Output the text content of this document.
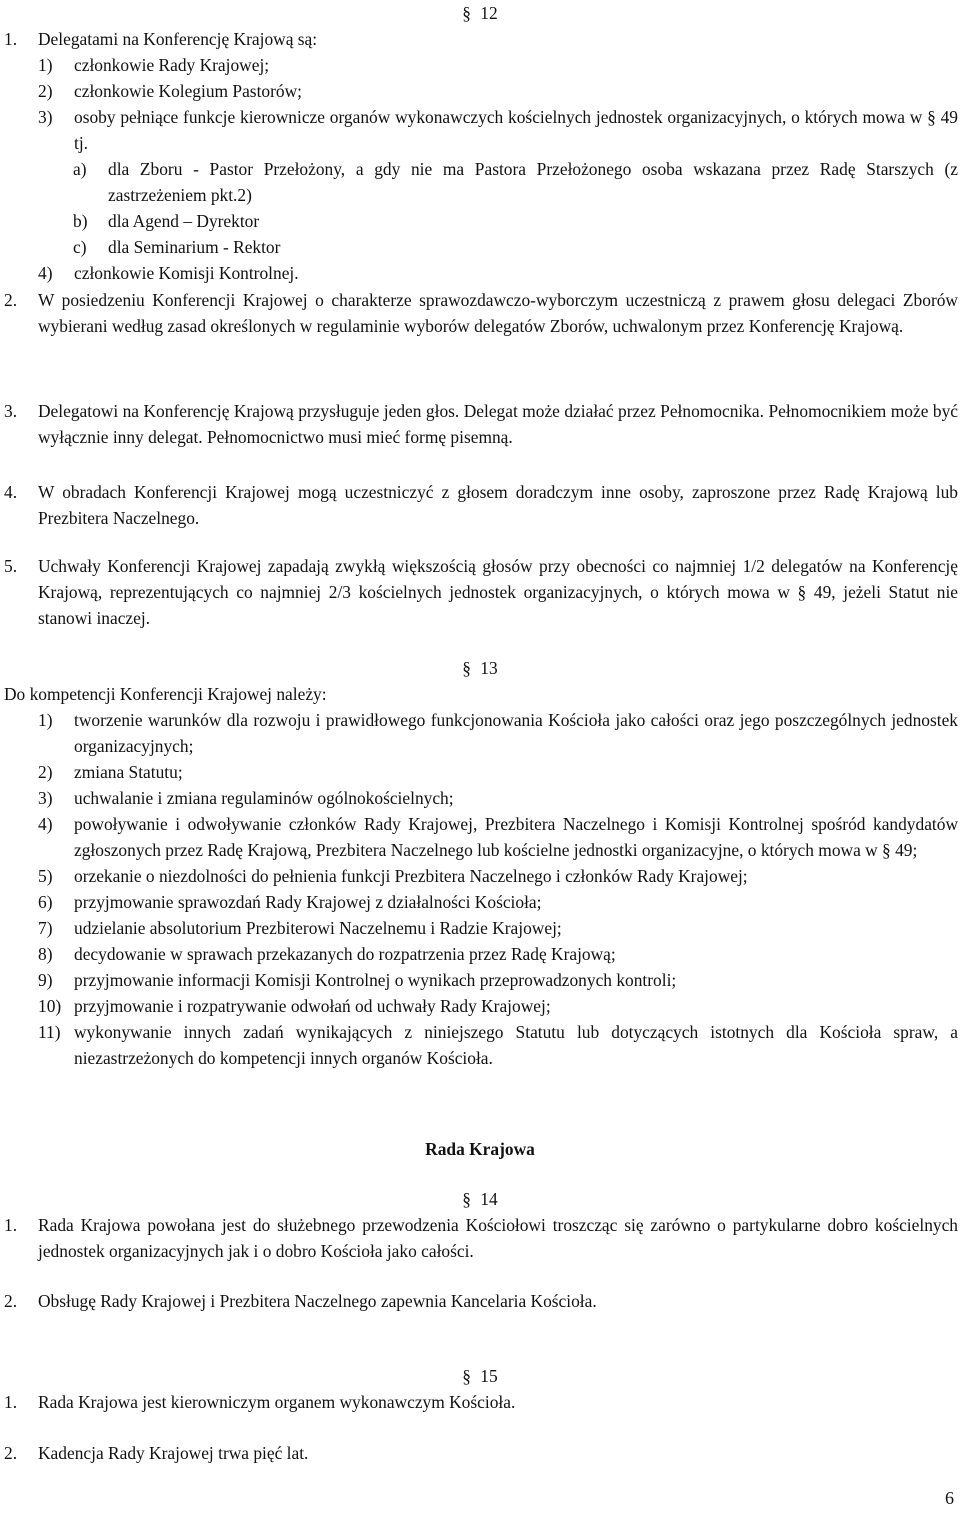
§ 12
1. Delegatami na Konferencję Krajową są:
1) członkowie Rady Krajowej;
2) członkowie Kolegium Pastorów;
3) osoby pełniące funkcje kierownicze organów wykonawczych kościelnych jednostek organizacyjnych, o których mowa w § 49 tj.
a) dla Zboru - Pastor Przełożony, a gdy nie ma Pastora Przełożonego osoba wskazana przez Radę Starszych (z zastrzeżeniem pkt.2)
b) dla Agend – Dyrektor
c) dla Seminarium - Rektor
4) członkowie Komisji Kontrolnej.
2. W posiedzeniu Konferencji Krajowej o charakterze sprawozdawczo-wyborczym uczestniczą z prawem głosu delegaci Zborów wybierani według zasad określonych w regulaminie wyborów delegatów Zborów, uchwalonym przez Konferencję Krajową.
3. Delegatowi na Konferencję Krajową przysługuje jeden głos. Delegat może działać przez Pełnomocnika. Pełnomocnikiem może być wyłącznie inny delegat. Pełnomocnictwo musi mieć formę pisemną.
4. W obradach Konferencji Krajowej mogą uczestniczyć z głosem doradczym inne osoby, zaproszone przez Radę Krajową lub Prezbitera Naczelnego.
5. Uchwały Konferencji Krajowej zapadają zwykłą większością głosów przy obecności co najmniej 1/2 delegatów na Konferencję Krajową, reprezentujących co najmniej 2/3 kościelnych jednostek organizacyjnych, o których mowa w § 49, jeżeli Statut nie stanowi inaczej.
§ 13
Do kompetencji Konferencji Krajowej należy:
1) tworzenie warunków dla rozwoju i prawidłowego funkcjonowania Kościoła jako całości oraz jego poszczególnych jednostek organizacyjnych;
2) zmiana Statutu;
3) uchwalanie i zmiana regulaminów ogólnokościelnych;
4) powoływanie i odwoływanie członków Rady Krajowej, Prezbitera Naczelnego i Komisji Kontrolnej spośród kandydatów zgłoszonych przez Radę Krajową, Prezbitera Naczelnego lub kościelne jednostki organizacyjne, o których mowa w § 49;
5) orzekanie o niezdolności do pełnienia funkcji Prezbitera Naczelnego i członków Rady Krajowej;
6) przyjmowanie sprawozdań Rady Krajowej z działalności Kościoła;
7) udzielanie absolutorium Prezbiterowi Naczelnemu i Radzie Krajowej;
8) decydowanie w sprawach przekazanych do rozpatrzenia przez Radę Krajową;
9) przyjmowanie informacji Komisji Kontrolnej o wynikach przeprowadzonych kontroli;
10) przyjmowanie i rozpatrywanie odwołań od uchwały Rady Krajowej;
11) wykonywanie innych zadań wynikających z niniejszego Statutu lub dotyczących istotnych dla Kościoła spraw, a niezastrzeżonych do kompetencji innych organów Kościoła.
Rada Krajowa
§ 14
1. Rada Krajowa powołana jest do służebnego przewodzenia Kościołowi troszcząc się zarówno o partykularne dobro kościelnych jednostek organizacyjnych jak i o dobro Kościoła jako całości.
2. Obsługę Rady Krajowej i Prezbitera Naczelnego zapewnia Kancelaria Kościoła.
§ 15
1. Rada Krajowa jest kierowniczym organem wykonawczym Kościoła.
2. Kadencja Rady Krajowej trwa pięć lat.
6
